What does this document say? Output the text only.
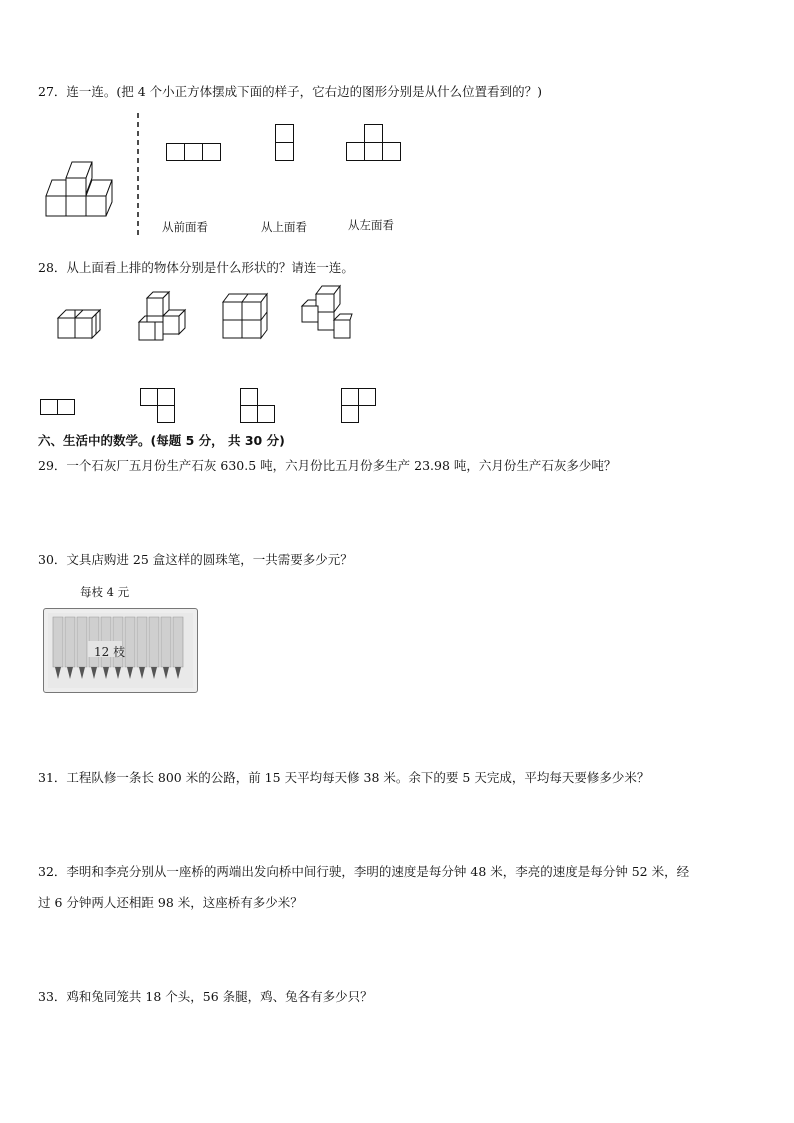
27．连一连。(把 4 个小正方体摆成下面的样子，它右边的图形分别是从什么位置看到的？)
从前面看	从上面看	从左面看
28．从上面看上排的物体分别是什么形状的？请连一连。
六、生活中的数学。(每题 5 分， 共 30 分)
29．一个石灰厂五月份生产石灰 630.5 吨，六月份比五月份多生产 23.98 吨，六月份生产石灰多少吨？
30．文具店购进 25 盒这样的圆珠笔，一共需要多少元？
每枝 4 元
12 枝
31．工程队修一条长 800 米的公路，前 15 天平均每天修 38 米。余下的要 5 天完成，平均每天要修多少米？
32．李明和李亮分别从一座桥的两端出发向桥中间行驶，李明的速度是每分钟 48 米，李亮的速度是每分钟 52 米，经
过 6 分钟两人还相距 98 米，这座桥有多少米？
33．鸡和兔同笼共 18 个头，56 条腿，鸡、兔各有多少只？
